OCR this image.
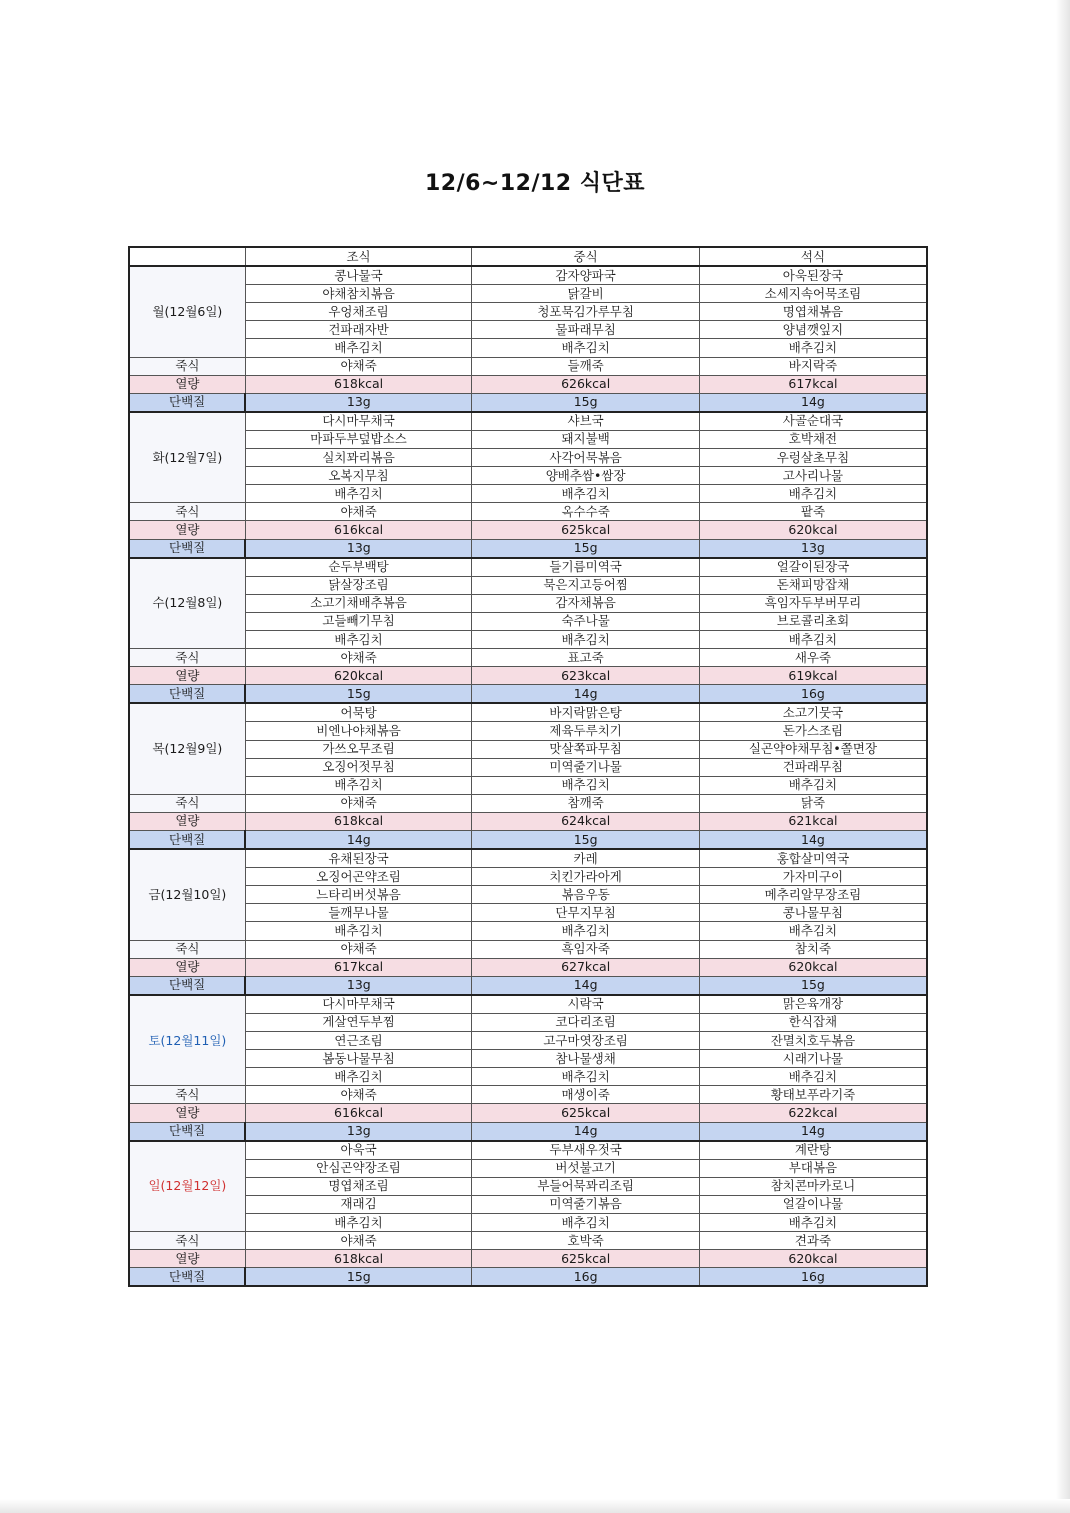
12/6~12/12 식단표
	조식	중식	석식
월(12월6일)	콩나물국	감자양파국	아욱된장국
	야채참치볶음	닭갈비	소세지속어묵조림
	우엉채조림	청포묵김가루무침	명엽채볶음
	건파래자반	물파래무침	양념깻잎지
	배추김치	배추김치	배추김치
죽식	야채죽	들깨죽	바지락죽
열량	618kcal	626kcal	617kcal
단백질	13g	15g	14g
화(12월7일)	다시마무채국	샤브국	사골순대국
	마파두부덮밥소스	돼지불백	호박채전
	실치꽈리볶음	사각어묵볶음	우렁살초무침
	오복지무침	양배추쌈•쌈장	고사리나물
	배추김치	배추김치	배추김치
죽식	야채죽	옥수수죽	팥죽
열량	616kcal	625kcal	620kcal
단백질	13g	15g	13g
수(12월8일)	순두부백탕	들기름미역국	얼갈이된장국
	닭살장조림	묵은지고등어찜	돈채피망잡채
	소고기채배추볶음	감자채볶음	흑임자두부버무리
	고들빼기무침	숙주나물	브로콜리초회
	배추김치	배추김치	배추김치
죽식	야채죽	표고죽	새우죽
열량	620kcal	623kcal	619kcal
단백질	15g	14g	16g
목(12월9일)	어묵탕	바지락맑은탕	소고기뭇국
	비엔나야채볶음	제육두루치기	돈가스조림
	가쓰오무조림	맛살쪽파무침	실곤약야채무침•쫄면장
	오징어젓무침	미역줄기나물	건파래무침
	배추김치	배추김치	배추김치
죽식	야채죽	참깨죽	닭죽
열량	618kcal	624kcal	621kcal
단백질	14g	15g	14g
금(12월10일)	유채된장국	카레	홍합살미역국
	오징어곤약조림	치킨가라아게	가자미구이
	느타리버섯볶음	볶음우동	메추리알무장조림
	들깨무나물	단무지무침	콩나물무침
	배추김치	배추김치	배추김치
죽식	야채죽	흑임자죽	참치죽
열량	617kcal	627kcal	620kcal
단백질	13g	14g	15g
토(12월11일)	다시마무채국	시락국	맑은육개장
	게살연두부찜	코다리조림	한식잡채
	연근조림	고구마엿장조림	잔멸치호두볶음
	봄동나물무침	참나물생채	시래기나물
	배추김치	배추김치	배추김치
죽식	야채죽	매생이죽	황태보푸라기죽
열량	616kcal	625kcal	622kcal
단백질	13g	14g	14g
일(12월12일)	아욱국	두부새우젓국	계란탕
	안심곤약장조림	버섯불고기	부대볶음
	명엽채조림	부들어묵꽈리조림	참치콘마카로니
	재래김	미역줄기볶음	얼갈이나물
	배추김치	배추김치	배추김치
죽식	야채죽	호박죽	견과죽
열량	618kcal	625kcal	620kcal
단백질	15g	16g	16g
